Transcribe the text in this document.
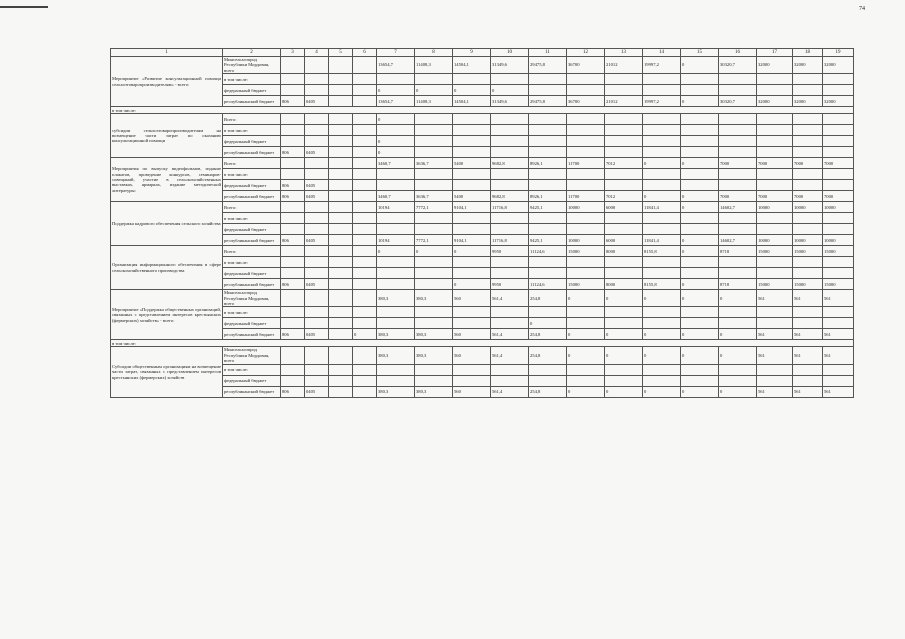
74
1	2	3	4	5	6	7	8	9	10	11	12	13	14	15	16	17	18	19
Мероприятие «Развитие консультационной помощи сельхозтоваропроизводителям» - всего:	Минсельхозпрод Республики Мордовия, всего					13654,7	11408,3	14504,1	31349,6	29475,8	36700	21012	19997,2	0	30320,7	32000	32000	32000
	в том числе:																	
	федеральный бюджет					0	0	0	0									
	республиканский бюджет	806	0405			13654,7	11408,3	14504,1	31349,6	29475,8	36700	21012	19997,2	0	30320,7	32000	32000	32000
в том числе:																		
субсидии сельхозтоваропроизводителям на возмещение части затрат по оказанию консультационной помощи	Всего:					0												
	в том числе:																	
	федеральный бюджет					0												
	республиканский бюджет	806	0405			0												
Мероприятия по выпуску видеофильмов, издание плакатов, проведение конкурсов, семинаров-совещаний, участие в сельскохозяйственных выставках, ярмарках, издание методической литературы:	Всего:					3460,7	3636,7	5400	9682,8	8926,1	11700	7012	0	0	7000	7000	7000	7000
	в том числе:																	
	федеральный бюджет	806	0405															
	республиканский бюджет	806	0405			3460,7	3636,7	5400	9682,8	8926,1	11700	7012	0	0	7000	7000	7000	7000
Поддержка кадрового обеспечения сельского хозяйства	Всего:					10194	7772,1	9104,1	11716,8	9425,1	10000	6000	11841,4	0	14602,7	10000	10000	10000
	в том числе:																	
	федеральный бюджет																	
	республиканский бюджет	806	0405			10194	7772,1	9104,1	11716,8	9425,1	10000	6000	11841,4	0	14602,7	10000	10000	10000
Организация информационного обеспечения в сфере сельскохозяйственного производства	Всего:					0	0	0	9950	11124,6	15000	8000	8155,8	0	8718	15000	15000	15000
	в том числе:																	
	федеральный бюджет																	
	республиканский бюджет	806	0405					0	9950	11124,6	15000	8000	8155,8	0	8718	15000	15000	15000
Мероприятие «Поддержка общественных организаций, связанных с представлением интересов крестьянских (фермерских) хозяйств» - всего:	Минсельхозпрод Республики Мордовия, всего					380,3	380,3	560	561,4	254,8	0	0	0	0	0	561	561	561
	в том числе:																	
	федеральный бюджет									0								
	республиканский бюджет	806	0405		0	380,3	380,3	560	561,4	254,8	0	0	0	0	0	561	561	561
в том числе:																		
Субсидии общественным организациям на возмещение части затрат, связанных с представлением интересов крестьянских (фермерских) хозяйств	Минсельхозпрод Республики Мордовия, всего					380,3	380,3	560	561,4	254,8	0	0	0	0	0	561	561	561
	в том числе:																	
	федеральный бюджет																	
	республиканский бюджет	806	0405			380,3	380,3	560	561,4	254,8	0	0	0	0	0	561	561	561
